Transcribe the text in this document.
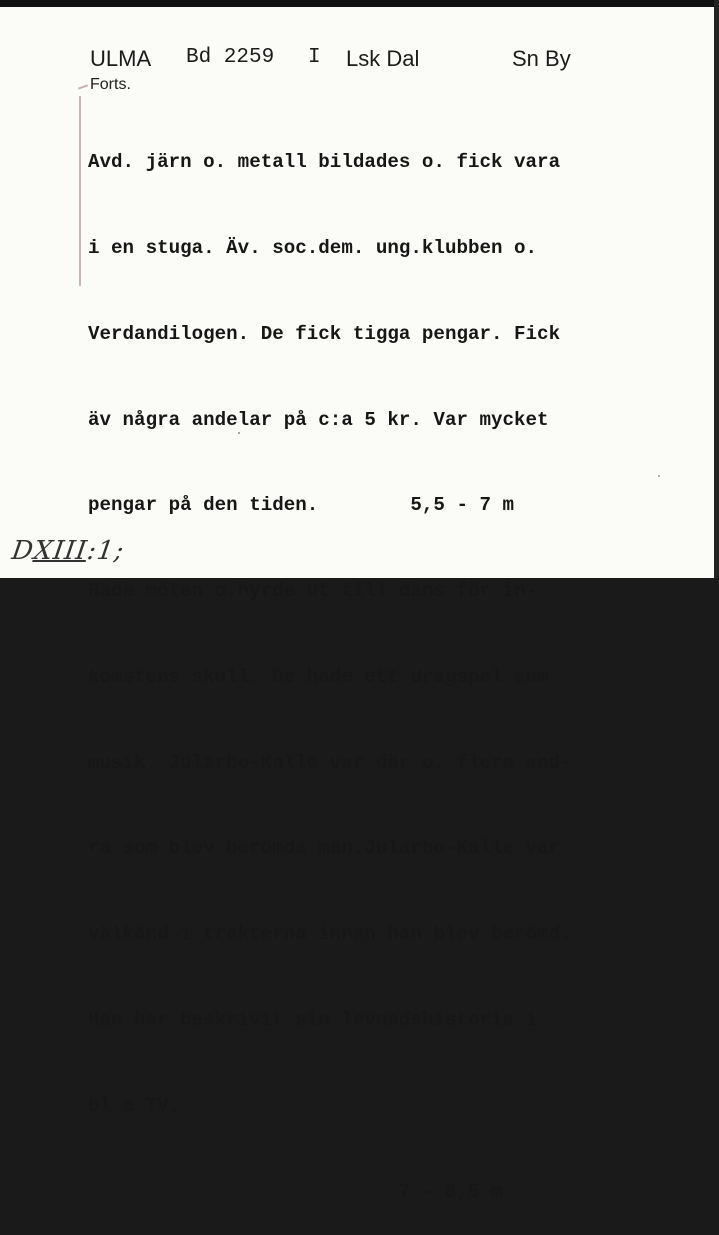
ULMA Bd 2259 I Lsk Dal	Sn By
Forts.

Avd. järn o. metall bildades o. fick vara

i en stuga. Äv. soc.dem. ung.klubben o.

Verdandilogen. De fick tigga pengar. Fick

äv några andelar på c:a 5 kr. Var mycket

pengar på den tiden.        5,5 - 7 m

Hade möten o.hyrde ut till dans för in-

komstens skull. De hade ett dragspel som

musik. Jularbo-Kalle var där o. flera and-

ra som blev berömda män.Jularbo-Kalle var

välkänd i trakterna innan han blev berömd.

Han har beskrivit sin levnadshistoria i

bl a TV.

7 - 8,5 m

DXIII:1;
